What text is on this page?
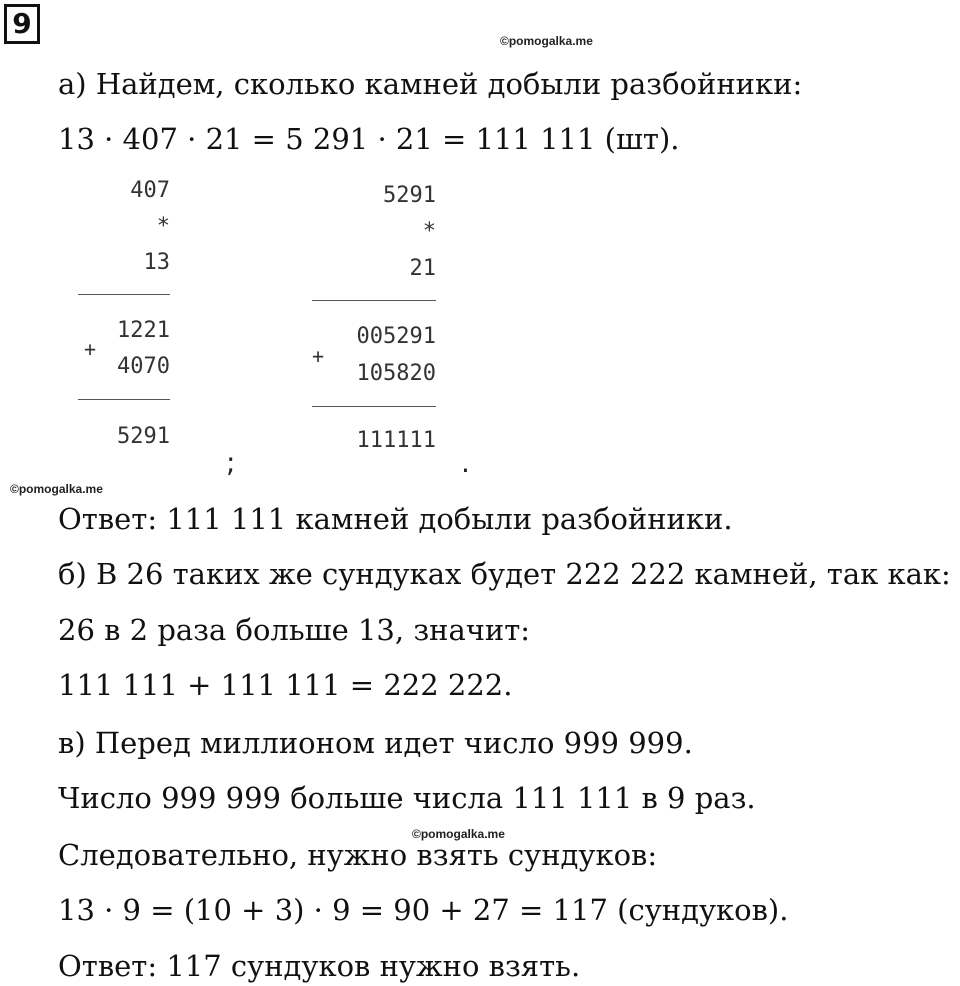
9
©pomogalka.me
а) Найдем, сколько камней добыли разбойники:
13 · 407 · 21 = 5 291 · 21 = 111 111 (шт).
407
*
13
1221
+
4070
5291
;
5291
*
21
005291
+
105820
111111
.
©pomogalka.me
Ответ: 111 111 камней добыли разбойники.
б) В 26 таких же сундуках будет 222 222 камней, так как:
26 в 2 раза больше 13, значит:
111 111 + 111 111 = 222 222.
в) Перед миллионом идет число 999 999.
Число 999 999 больше числа 111 111 в 9 раз.
©pomogalka.me
Следовательно, нужно взять сундуков:
13 · 9 = (10 + 3) · 9 = 90 + 27 = 117 (сундуков).
Ответ: 117 сундуков нужно взять.
